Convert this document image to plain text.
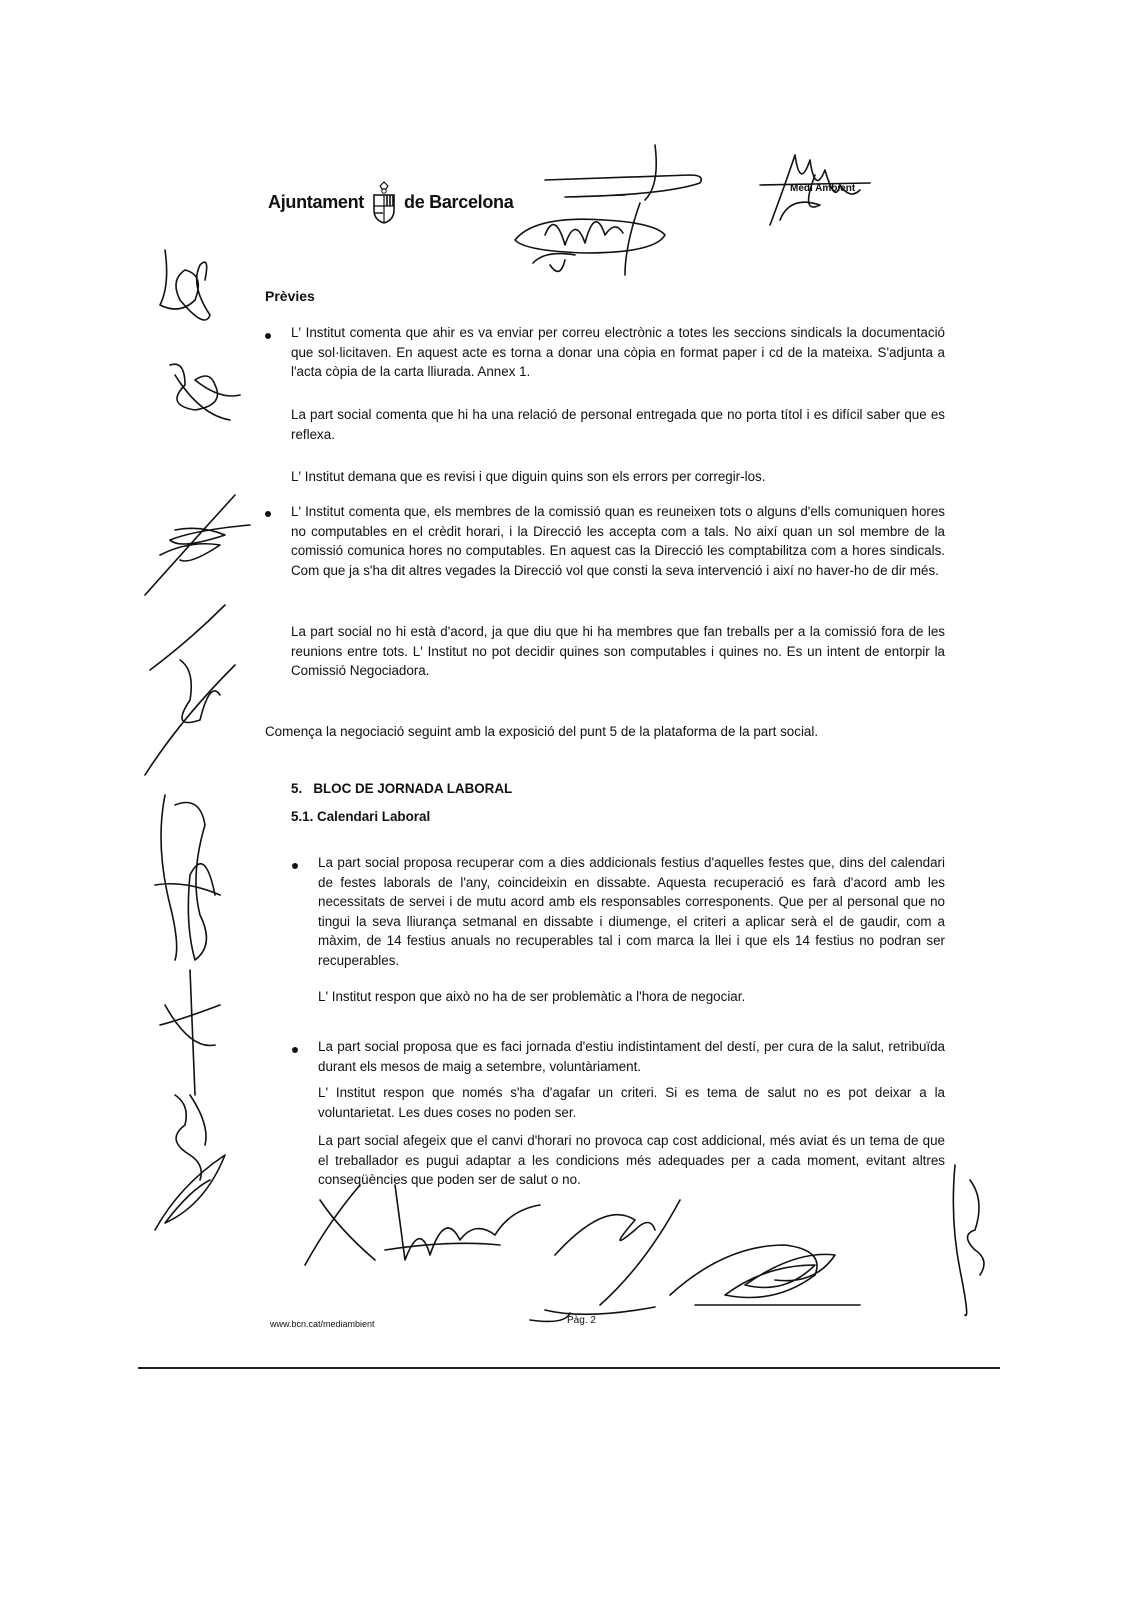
Ajuntament de Barcelona
Medi Ambient
Prèvies
L' Institut comenta que ahir es va enviar per correu electrònic a totes les seccions sindicals la documentació que sol·licitaven. En aquest acte es torna a donar una còpia en format paper i cd de la mateixa. S'adjunta a l'acta còpia de la carta lliurada. Annex 1.
La part social comenta que hi ha una relació de personal entregada que no porta títol i es difícil saber que es reflexa.
L' Institut demana que es revisi i que diguin quins son els errors per corregir-los.
L' Institut comenta que, els membres de la comissió quan es reuneixen tots o alguns d'ells comuniquen hores no computables en el crèdit horari, i la Direcció les accepta com a tals. No així quan un sol membre de la comissió comunica hores no computables. En aquest cas la Direcció les comptabilitza com a hores sindicals. Com que ja s'ha dit altres vegades la Direcció vol que consti la seva intervenció i així no haver-ho de dir més.
La part social no hi està d'acord, ja que diu que hi ha membres que fan treballs per a la comissió fora de les reunions entre tots. L' Institut no pot decidir quines son computables i quines no. Es un intent de entorpir la Comissió Negociadora.
Comença la negociació seguint amb la exposició del punt 5 de la plataforma de la part social.
5.   BLOC DE JORNADA LABORAL
5.1. Calendari Laboral
La part social proposa recuperar com a dies addicionals festius d'aquelles festes que, dins del calendari de festes laborals de l'any, coincideixin en dissabte. Aquesta recuperació es farà d'acord amb les necessitats de servei i de mutu acord amb els responsables corresponents. Que per al personal que no tingui la seva lliurança setmanal en dissabte i diumenge, el criteri a aplicar serà el de gaudir, com a màxim, de 14 festius anuals no recuperables tal i com marca la llei i que els 14 festius no podran ser recuperables.
L' Institut respon que això no ha de ser problemàtic a l'hora de negociar.
La part social proposa que es faci jornada d'estiu indistintament del destí, per cura de la salut, retribuïda durant els mesos de maig a setembre, voluntàriament.
L' Institut respon que només s'ha d'agafar un criteri. Si es tema de salut no es pot deixar a la voluntarietat. Les dues coses no poden ser.
La part social afegeix que el canvi d'horari no provoca cap cost addicional, més aviat és un tema de que el treballador es pugui adaptar a les condicions més adequades per a cada moment, evitant altres conseqüències que poden ser de salut o no.
www.bcn.cat/mediambient	Pàg. 2
